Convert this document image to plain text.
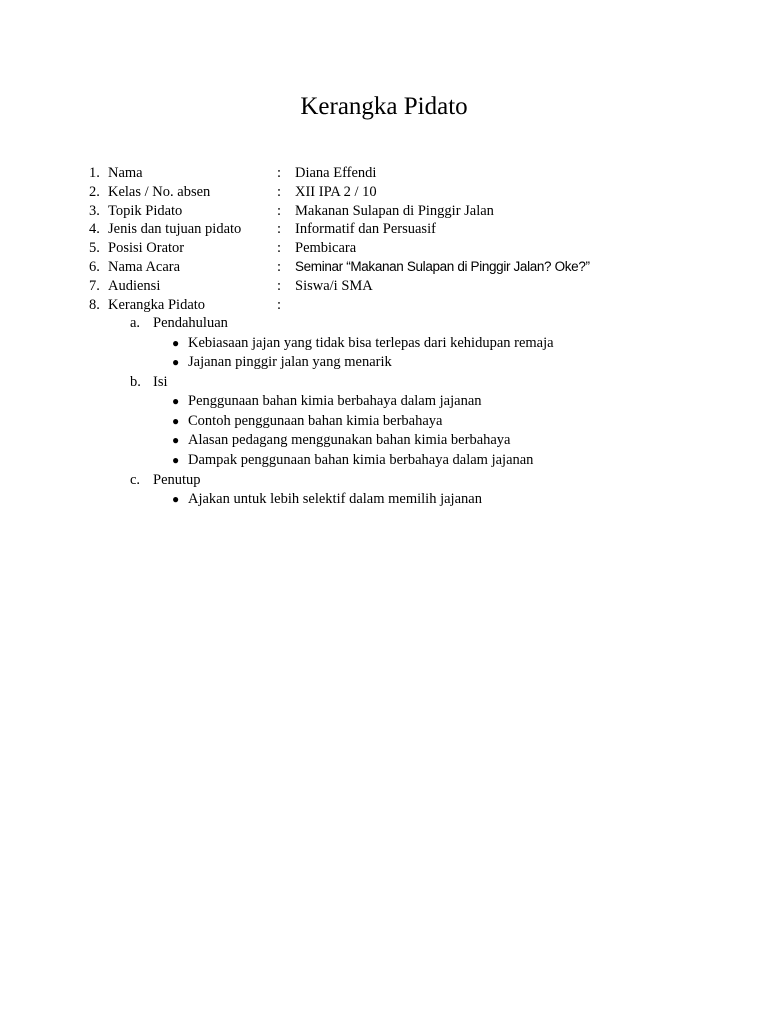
Kerangka Pidato
1. Nama	: Diana Effendi
2. Kelas / No. absen	: XII IPA 2 / 10
3. Topik Pidato	: Makanan Sulapan di Pinggir Jalan
4. Jenis dan tujuan pidato : Informatif dan Persuasif
5. Posisi Orator	: Pembicara
6. Nama Acara	: Seminar “Makanan Sulapan di Pinggir Jalan? Oke?”
7. Audiensi	: Siswa/i SMA
8. Kerangka Pidato	:
a. Pendahuluan
● Kebiasaan jajan yang tidak bisa terlepas dari kehidupan remaja
● Jajanan pinggir jalan yang menarik
b. Isi
● Penggunaan bahan kimia berbahaya dalam jajanan
● Contoh penggunaan bahan kimia berbahaya
● Alasan pedagang menggunakan bahan kimia berbahaya
● Dampak penggunaan bahan kimia berbahaya dalam jajanan
c. Penutup
● Ajakan untuk lebih selektif dalam memilih jajanan
